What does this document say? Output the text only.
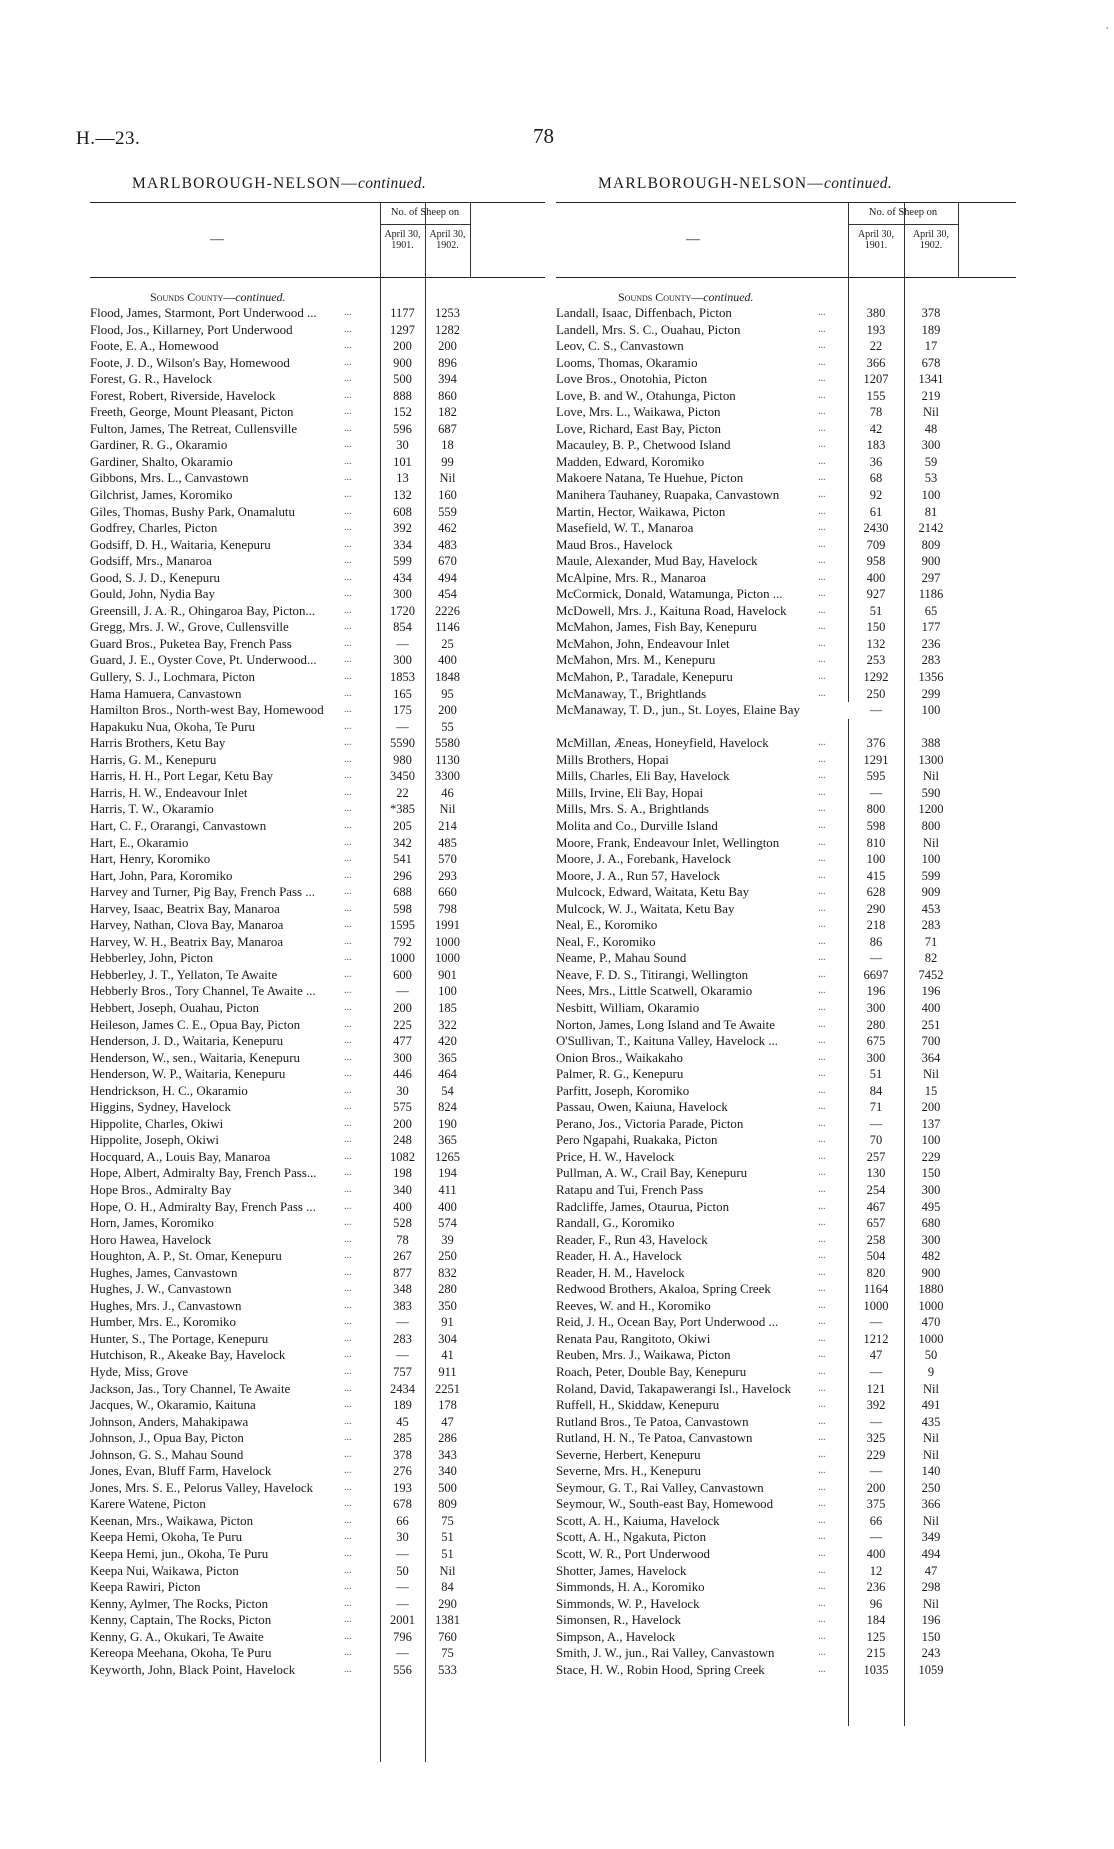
H.—23.	78
'
MARLBOROUGH-NELSON—continued.	MARLBOROUGH-NELSON—continued.
No. of Sheep on
—	April 30,
1901.
April 30,
1902.
Sounds County—continued.
...
Flood, James, Starmont, Port Underwood ...	1177	1253
...
Flood, Jos., Killarney, Port Underwood	1297	1282
...
Foote, E. A., Homewood	200	200
...
Foote, J. D., Wilson's Bay, Homewood	900	896
...
Forest, G. R., Havelock	500	394
...
Forest, Robert, Riverside, Havelock	888	860
...
Freeth, George, Mount Pleasant, Picton	152	182
...
Fulton, James, The Retreat, Cullensville	596	687
...
Gardiner, R. G., Okaramio	30	18
...
Gardiner, Shalto, Okaramio	101	99
...
Gibbons, Mrs. L., Canvastown	13	Nil
...
Gilchrist, James, Koromiko	132	160
...
Giles, Thomas, Bushy Park, Onamalutu	608	559
...
Godfrey, Charles, Picton	392	462
...
Godsiff, D. H., Waitaria, Kenepuru	334	483
...
Godsiff, Mrs., Manaroa	599	670
...
Good, S. J. D., Kenepuru	434	494
...
Gould, John, Nydia Bay	300	454
...
Greensill, J. A. R., Ohingaroa Bay, Picton...	1720	2226
...
Gregg, Mrs. J. W., Grove, Cullensville	854	1146
...
Guard Bros., Puketea Bay, French Pass	—	25
...
Guard, J. E., Oyster Cove, Pt. Underwood...	300	400
...
Gullery, S. J., Lochmara, Picton	1853	1848
...
Hama Hamuera, Canvastown	165	95
...
Hamilton Bros., North-west Bay, Homewood	175	200
...
Hapakuku Nua, Okoha, Te Puru	—	55
...
Harris Brothers, Ketu Bay	5590	5580
...
Harris, G. M., Kenepuru	980	1130
...
Harris, H. H., Port Legar, Ketu Bay	3450	3300
...
Harris, H. W., Endeavour Inlet	22	46
...
Harris, T. W., Okaramio	*385	Nil
...
Hart, C. F., Orarangi, Canvastown	205	214
...
Hart, E., Okaramio	342	485
...
Hart, Henry, Koromiko	541	570
...
Hart, John, Para, Koromiko	296	293
...
Harvey and Turner, Pig Bay, French Pass ...	688	660
...
Harvey, Isaac, Beatrix Bay, Manaroa	598	798
...
Harvey, Nathan, Clova Bay, Manaroa	1595	1991
...
Harvey, W. H., Beatrix Bay, Manaroa	792	1000
...
Hebberley, John, Picton	1000	1000
...
Hebberley, J. T., Yellaton, Te Awaite	600	901
...
Hebberly Bros., Tory Channel, Te Awaite ...	—	100
...
Hebbert, Joseph, Ouahau, Picton	200	185
...
Heileson, James C. E., Opua Bay, Picton	225	322
...
Henderson, J. D., Waitaria, Kenepuru	477	420
...
Henderson, W., sen., Waitaria, Kenepuru	300	365
...
Henderson, W. P., Waitaria, Kenepuru	446	464
...
Hendrickson, H. C., Okaramio	30	54
...
Higgins, Sydney, Havelock	575	824
...
Hippolite, Charles, Okiwi	200	190
...
Hippolite, Joseph, Okiwi	248	365
...
Hocquard, A., Louis Bay, Manaroa	1082	1265
...
Hope, Albert, Admiralty Bay, French Pass...	198	194
...
Hope Bros., Admiralty Bay	340	411
...
Hope, O. H., Admiralty Bay, French Pass ...	400	400
...
Horn, James, Koromiko	528	574
...
Horo Hawea, Havelock	78	39
...
Houghton, A. P., St. Omar, Kenepuru	267	250
...
Hughes, James, Canvastown	877	832
...
Hughes, J. W., Canvastown	348	280
...
Hughes, Mrs. J., Canvastown	383	350
...
Humber, Mrs. E., Koromiko	—	91
...
Hunter, S., The Portage, Kenepuru	283	304
...
Hutchison, R., Akeake Bay, Havelock	—	41
...
Hyde, Miss, Grove	757	911
...
Jackson, Jas., Tory Channel, Te Awaite	2434	2251
...
Jacques, W., Okaramio, Kaituna	189	178
...
Johnson, Anders, Mahakipawa	45	47
...
Johnson, J., Opua Bay, Picton	285	286
...
Johnson, G. S., Mahau Sound	378	343
...
Jones, Evan, Bluff Farm, Havelock	276	340
...
Jones, Mrs. S. E., Pelorus Valley, Havelock	193	500
...
Karere Watene, Picton	678	809
...
Keenan, Mrs., Waikawa, Picton	66	75
...
Keepa Hemi, Okoha, Te Puru	30	51
...
Keepa Hemi, jun., Okoha, Te Puru	—	51
...
Keepa Nui, Waikawa, Picton	50	Nil
...
Keepa Rawiri, Picton	—	84
...
Kenny, Aylmer, The Rocks, Picton	—	290
...
Kenny, Captain, The Rocks, Picton	2001	1381
...
Kenny, G. A., Okukari, Te Awaite	796	760
...
Kereopa Meehana, Okoha, Te Puru	—	75
...
Keyworth, John, Black Point, Havelock	556	533
No. of Sheep on
—	April 30,
1901.
April 30,
1902.
Sounds County—continued.
...
Landall, Isaac, Diffenbach, Picton	380	378
...
Landell, Mrs. S. C., Ouahau, Picton	193	189
...
Leov, C. S., Canvastown	22	17
...
Looms, Thomas, Okaramio	366	678
...
Love Bros., Onotohia, Picton	1207	1341
...
Love, B. and W., Otahunga, Picton	155	219
...
Love, Mrs. L., Waikawa, Picton	78	Nil
...
Love, Richard, East Bay, Picton	42	48
...
Macauley, B. P., Chetwood Island	183	300
...
Madden, Edward, Koromiko	36	59
...
Makoere Natana, Te Huehue, Picton	68	53
...
Manihera Tauhaney, Ruapaka, Canvastown	92	100
...
Martin, Hector, Waikawa, Picton	61	81
...
Masefield, W. T., Manaroa	2430	2142
...
Maud Bros., Havelock	709	809
...
Maule, Alexander, Mud Bay, Havelock	958	900
...
McAlpine, Mrs. R., Manaroa	400	297
...
McCormick, Donald, Watamunga, Picton ...	927	1186
...
McDowell, Mrs. J., Kaituna Road, Havelock	51	65
...
McMahon, James, Fish Bay, Kenepuru	150	177
...
McMahon, John, Endeavour Inlet	132	236
...
McMahon, Mrs. M., Kenepuru	253	283
...
McMahon, P., Taradale, Kenepuru	1292	1356
...
McManaway, T., Brightlands	250	299
McManaway, T. D., jun., St. Loyes, Elaine Bay	—	100
...
McMillan, Æneas, Honeyfield, Havelock	376	388
...
Mills Brothers, Hopai	1291	1300
...
Mills, Charles, Eli Bay, Havelock	595	Nil
...
Mills, Irvine, Eli Bay, Hopai	—	590
...
Mills, Mrs. S. A., Brightlands	800	1200
...
Molita and Co., Durville Island	598	800
...
Moore, Frank, Endeavour Inlet, Wellington	810	Nil
...
Moore, J. A., Forebank, Havelock	100	100
...
Moore, J. A., Run 57, Havelock	415	599
...
Mulcock, Edward, Waitata, Ketu Bay	628	909
...
Mulcock, W. J., Waitata, Ketu Bay	290	453
...
Neal, E., Koromiko	218	283
...
Neal, F., Koromiko	86	71
...
Neame, P., Mahau Sound	—	82
...
Neave, F. D. S., Titirangi, Wellington	6697	7452
...
Nees, Mrs., Little Scatwell, Okaramio	196	196
...
Nesbitt, William, Okaramio	300	400
...
Norton, James, Long Island and Te Awaite	280	251
...
O'Sullivan, T., Kaituna Valley, Havelock ...	675	700
...
Onion Bros., Waikakaho	300	364
...
Palmer, R. G., Kenepuru	51	Nil
...
Parfitt, Joseph, Koromiko	84	15
...
Passau, Owen, Kaiuna, Havelock	71	200
...
Perano, Jos., Victoria Parade, Picton	—	137
...
Pero Ngapahi, Ruakaka, Picton	70	100
...
Price, H. W., Havelock	257	229
...
Pullman, A. W., Crail Bay, Kenepuru	130	150
...
Ratapu and Tui, French Pass	254	300
...
Radcliffe, James, Otaurua, Picton	467	495
...
Randall, G., Koromiko	657	680
...
Reader, F., Run 43, Havelock	258	300
...
Reader, H. A., Havelock	504	482
...
Reader, H. M., Havelock	820	900
...
Redwood Brothers, Akaloa, Spring Creek	1164	1880
...
Reeves, W. and H., Koromiko	1000	1000
...
Reid, J. H., Ocean Bay, Port Underwood ...	—	470
...
Renata Pau, Rangitoto, Okiwi	1212	1000
...
Reuben, Mrs. J., Waikawa, Picton	47	50
...
Roach, Peter, Double Bay, Kenepuru	—	9
...
Roland, David, Takapawerangi Isl., Havelock	121	Nil
...
Ruffell, H., Skiddaw, Kenepuru	392	491
...
Rutland Bros., Te Patoa, Canvastown	—	435
...
Rutland, H. N., Te Patoa, Canvastown	325	Nil
...
Severne, Herbert, Kenepuru	229	Nil
...
Severne, Mrs. H., Kenepuru	—	140
...
Seymour, G. T., Rai Valley, Canvastown	200	250
...
Seymour, W., South-east Bay, Homewood	375	366
...
Scott, A. H., Kaiuma, Havelock	66	Nil
...
Scott, A. H., Ngakuta, Picton	—	349
...
Scott, W. R., Port Underwood	400	494
...
Shotter, James, Havelock	12	47
...
Simmonds, H. A., Koromiko	236	298
...
Simmonds, W. P., Havelock	96	Nil
...
Simonsen, R., Havelock	184	196
...
Simpson, A., Havelock	125	150
...
Smith, J. W., jun., Rai Valley, Canvastown	215	243
...
Stace, H. W., Robin Hood, Spring Creek	1035	1059
